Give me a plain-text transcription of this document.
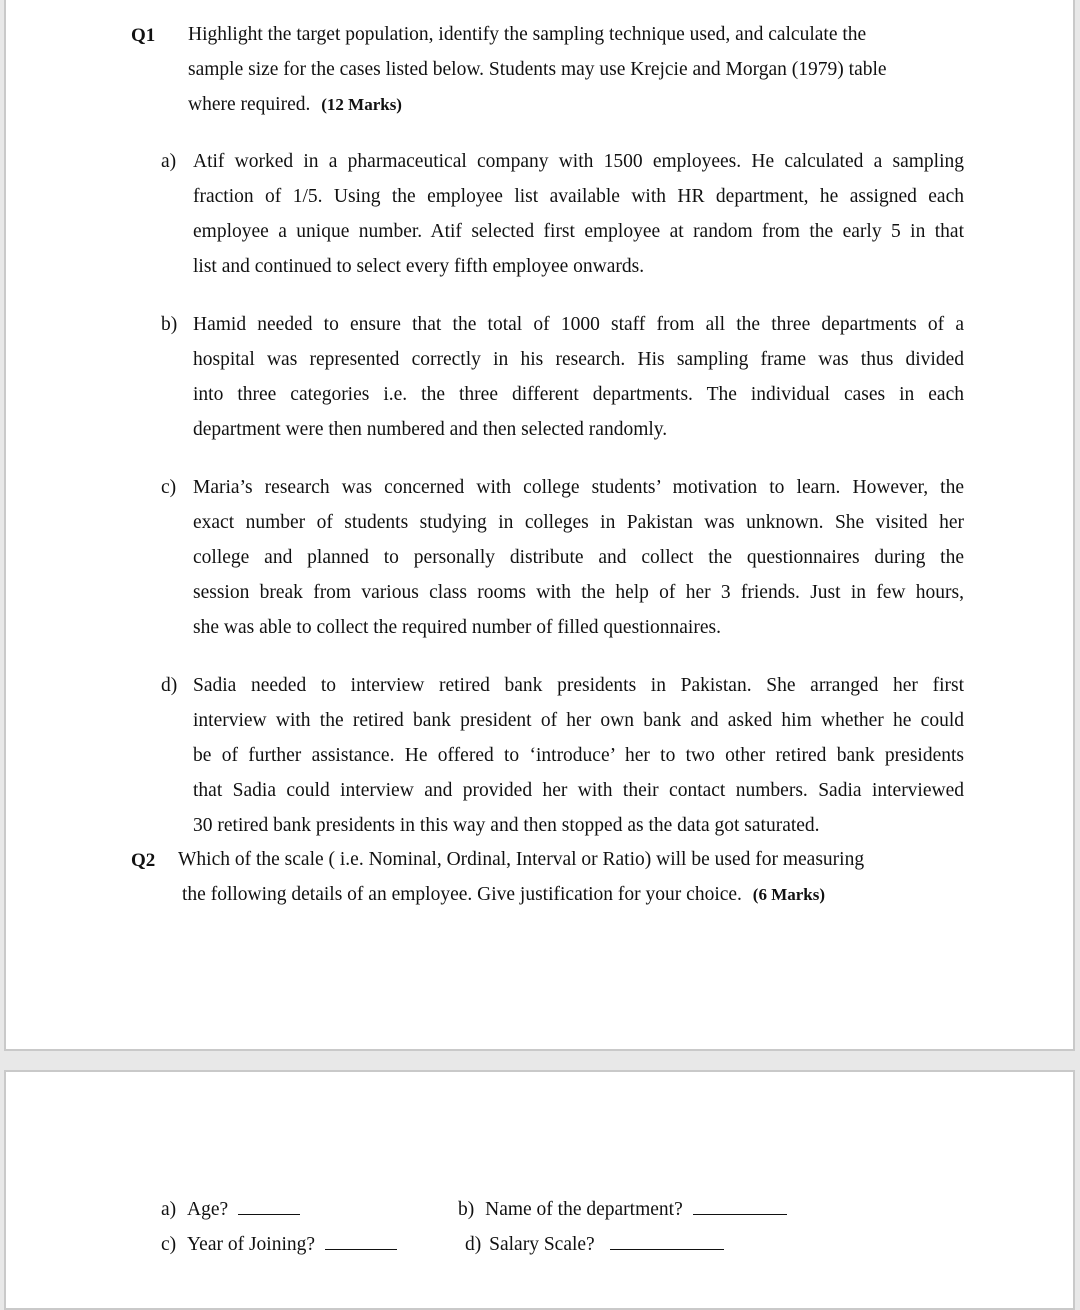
Q1 Highlight the target population, identify the sampling technique used, and calculate the
sample size for the cases listed below. Students may use Krejcie and Morgan (1979) table
where required. (12 Marks)
a) Atif worked in a pharmaceutical company with 1500 employees. He calculated a sampling
fraction of 1/5. Using the employee list available with HR department, he assigned each
employee a unique number. Atif selected first employee at random from the early 5 in that
list and continued to select every fifth employee onwards.
b) Hamid needed to ensure that the total of 1000 staff from all the three departments of a
hospital was represented correctly in his research. His sampling frame was thus divided
into three categories i.e. the three different departments. The individual cases in each
department were then numbered and then selected randomly.
c) Maria’s research was concerned with college students’ motivation to learn. However, the
exact number of students studying in colleges in Pakistan was unknown. She visited her
college and planned to personally distribute and collect the questionnaires during the
session break from various class rooms with the help of her 3 friends. Just in few hours,
she was able to collect the required number of filled questionnaires.
d) Sadia needed to interview retired bank presidents in Pakistan. She arranged her first
interview with the retired bank president of her own bank and asked him whether he could
be of further assistance. He offered to ‘introduce’ her to two other retired bank presidents
that Sadia could interview and provided her with their contact numbers. Sadia interviewed
30 retired bank presidents in this way and then stopped as the data got saturated.
Q2 Which of the scale ( i.e. Nominal, Ordinal, Interval or Ratio) will be used for measuring
the following details of an employee. Give justification for your choice. (6 Marks)
a) Age?	b) Name of the department?
c) Year of Joining?	d) Salary Scale?
